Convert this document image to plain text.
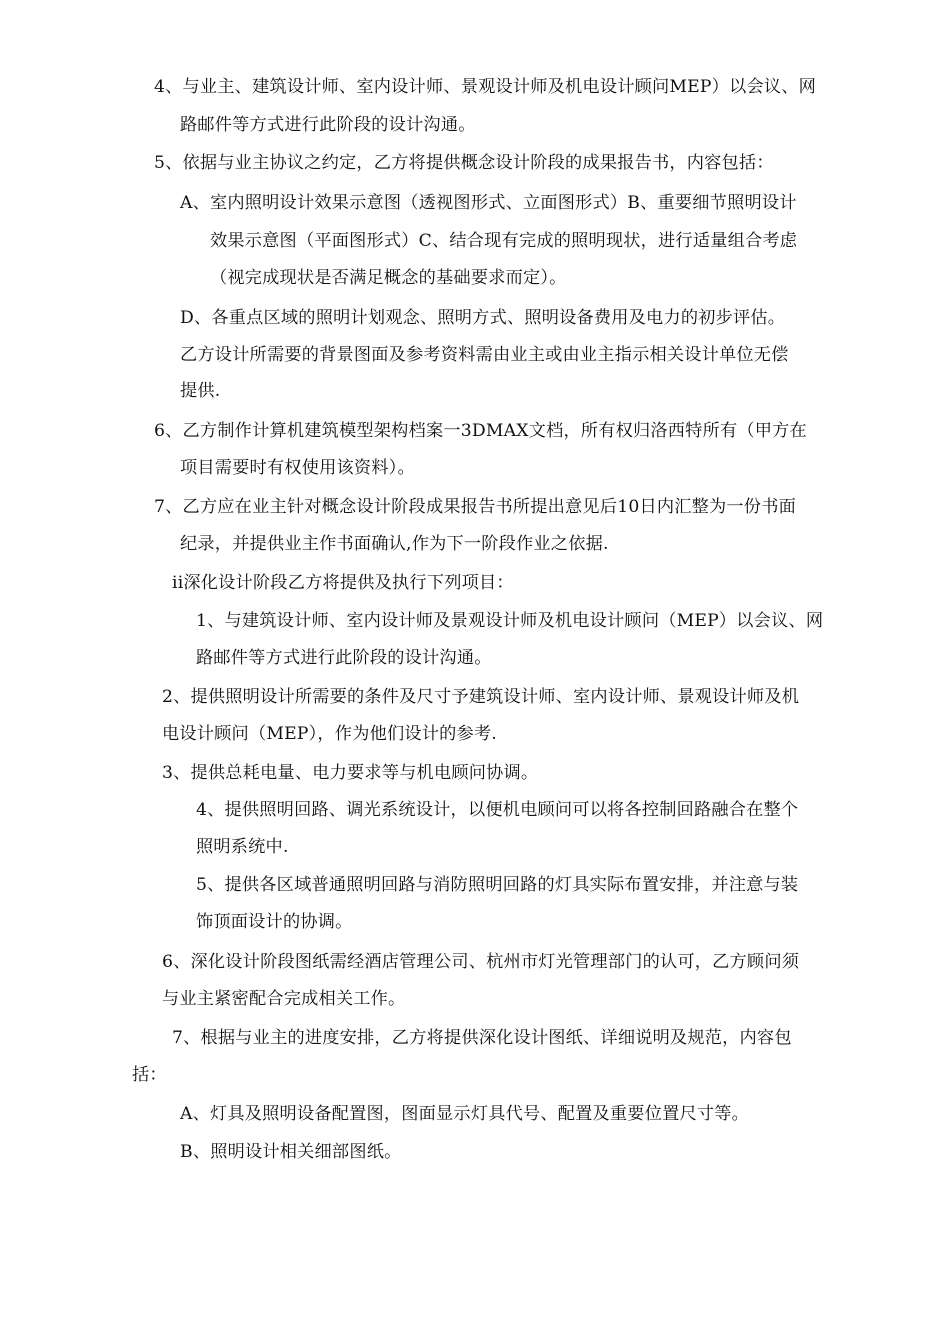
4、与业主、建筑设计师、室内设计师、景观设计师及机电设计顾问MEP）以会议、网
路邮件等方式进行此阶段的设计沟通。
5、依据与业主协议之约定，乙方将提供概念设计阶段的成果报告书，内容包括：
A、室内照明设计效果示意图（透视图形式、立面图形式）B、重要细节照明设计
效果示意图（平面图形式）C、结合现有完成的照明现状，进行适量组合考虑
（视完成现状是否满足概念的基础要求而定）。
D、各重点区域的照明计划观念、照明方式、照明设备费用及电力的初步评估。
乙方设计所需要的背景图面及参考资料需由业主或由业主指示相关设计单位无偿
提供.
6、乙方制作计算机建筑模型架构档案一3DMAX文档，所有权归洛西特所有（甲方在
项目需要时有权使用该资料）。
7、乙方应在业主针对概念设计阶段成果报告书所提出意见后10日内汇整为一份书面
纪录，并提供业主作书面确认,作为下一阶段作业之依据.
ii深化设计阶段乙方将提供及执行下列项目：
1、与建筑设计师、室内设计师及景观设计师及机电设计顾问（MEP）以会议、网
路邮件等方式进行此阶段的设计沟通。
2、提供照明设计所需要的条件及尺寸予建筑设计师、室内设计师、景观设计师及机
电设计顾问（MEP），作为他们设计的参考.
3、提供总耗电量、电力要求等与机电顾问协调。
4、提供照明回路、调光系统设计，以便机电顾问可以将各控制回路融合在整个
照明系统中.
5、提供各区域普通照明回路与消防照明回路的灯具实际布置安排，并注意与装
饰顶面设计的协调。
6、深化设计阶段图纸需经酒店管理公司、杭州市灯光管理部门的认可，乙方顾问须
与业主紧密配合完成相关工作。
7、根据与业主的进度安排，乙方将提供深化设计图纸、详细说明及规范，内容包
括：
A、灯具及照明设备配置图，图面显示灯具代号、配置及重要位置尺寸等。
B、照明设计相关细部图纸。
